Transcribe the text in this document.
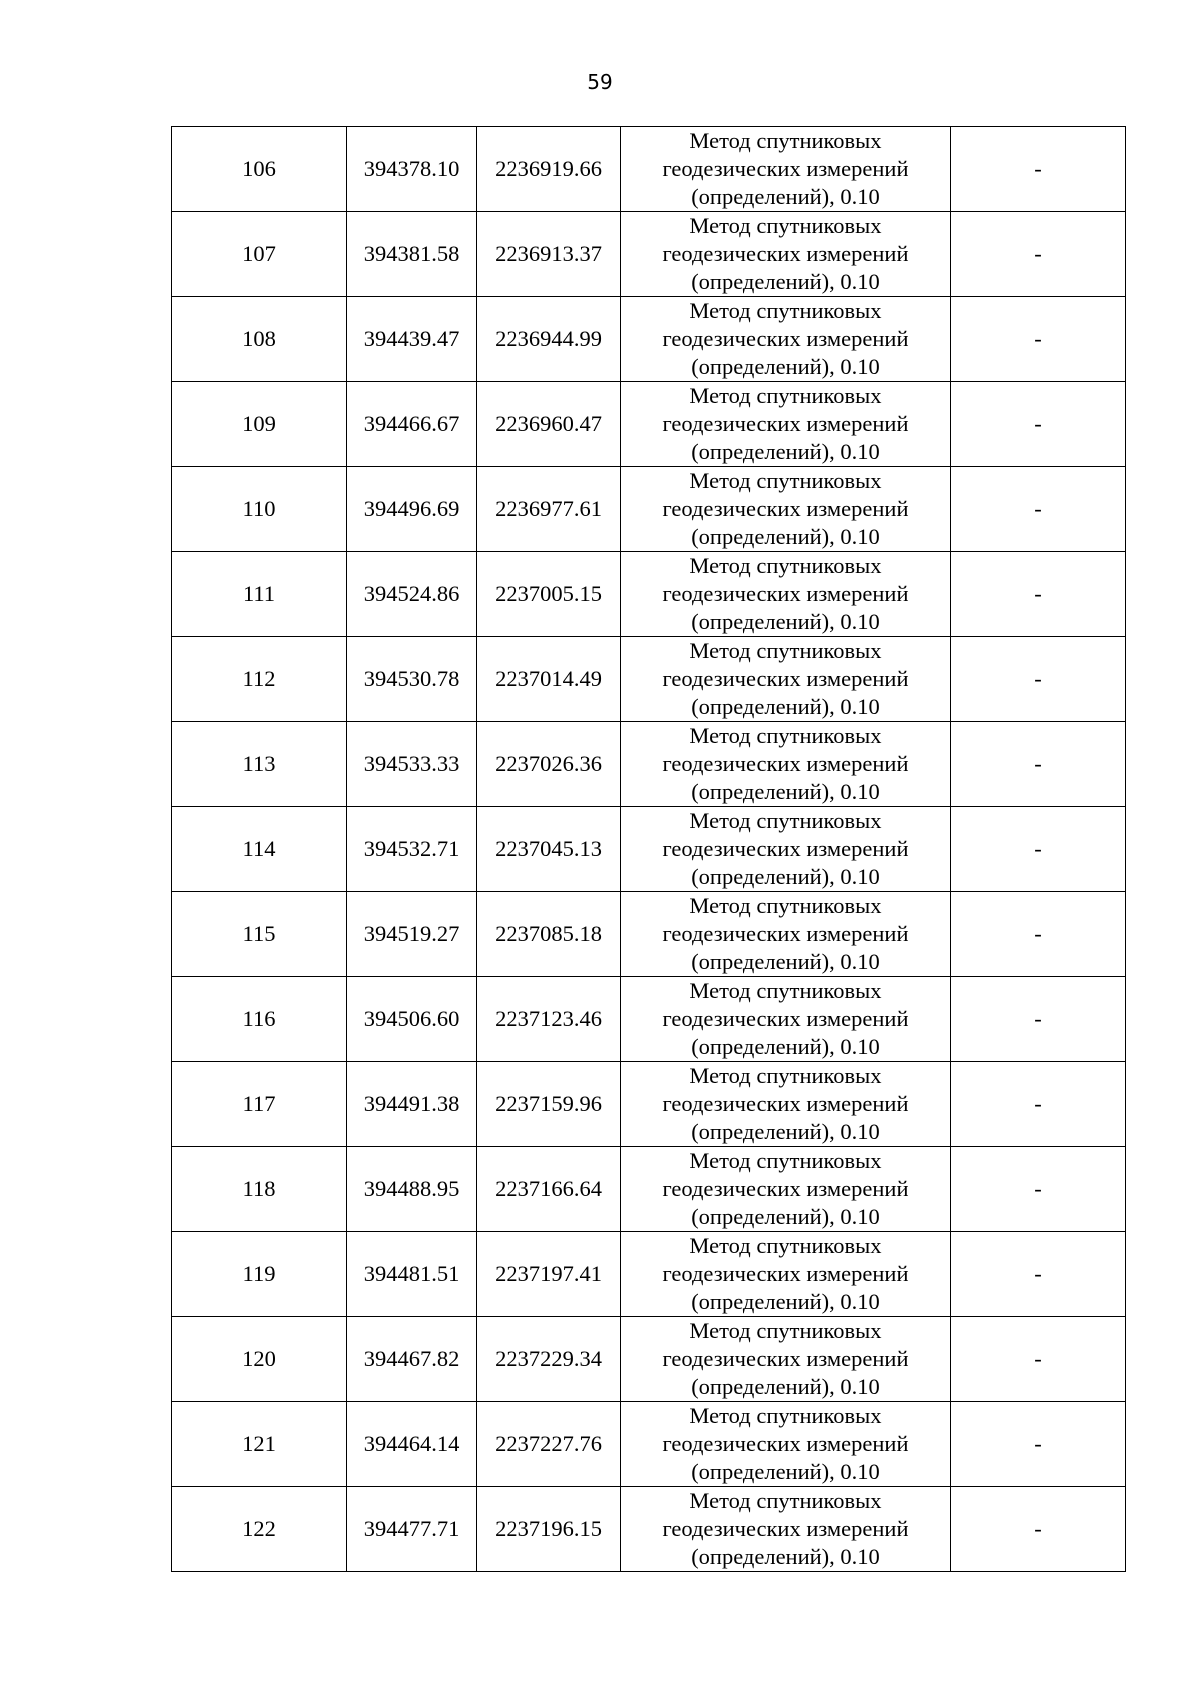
59
106	394378.10	2236919.66	Метод спутниковых
геодезических измерений
(определений), 0.10	-
107	394381.58	2236913.37	Метод спутниковых
геодезических измерений
(определений), 0.10	-
108	394439.47	2236944.99	Метод спутниковых
геодезических измерений
(определений), 0.10	-
109	394466.67	2236960.47	Метод спутниковых
геодезических измерений
(определений), 0.10	-
110	394496.69	2236977.61	Метод спутниковых
геодезических измерений
(определений), 0.10	-
111	394524.86	2237005.15	Метод спутниковых
геодезических измерений
(определений), 0.10	-
112	394530.78	2237014.49	Метод спутниковых
геодезических измерений
(определений), 0.10	-
113	394533.33	2237026.36	Метод спутниковых
геодезических измерений
(определений), 0.10	-
114	394532.71	2237045.13	Метод спутниковых
геодезических измерений
(определений), 0.10	-
115	394519.27	2237085.18	Метод спутниковых
геодезических измерений
(определений), 0.10	-
116	394506.60	2237123.46	Метод спутниковых
геодезических измерений
(определений), 0.10	-
117	394491.38	2237159.96	Метод спутниковых
геодезических измерений
(определений), 0.10	-
118	394488.95	2237166.64	Метод спутниковых
геодезических измерений
(определений), 0.10	-
119	394481.51	2237197.41	Метод спутниковых
геодезических измерений
(определений), 0.10	-
120	394467.82	2237229.34	Метод спутниковых
геодезических измерений
(определений), 0.10	-
121	394464.14	2237227.76	Метод спутниковых
геодезических измерений
(определений), 0.10	-
122	394477.71	2237196.15	Метод спутниковых
геодезических измерений
(определений), 0.10	-
